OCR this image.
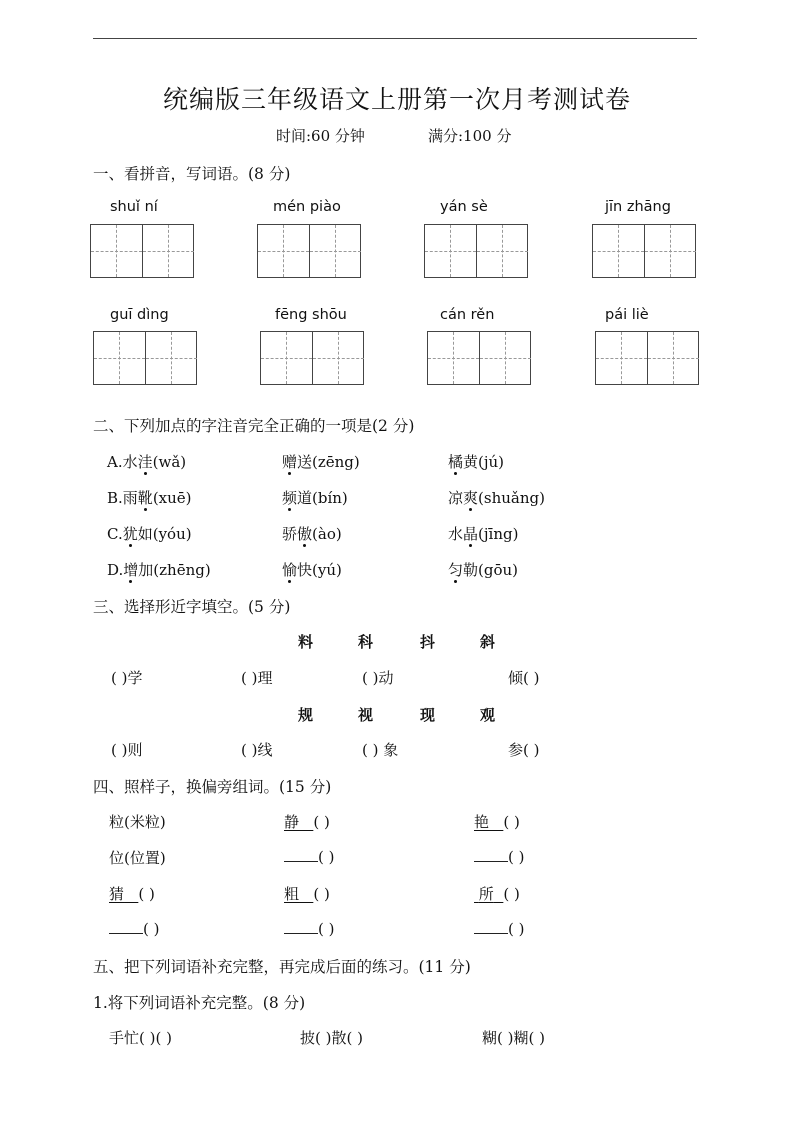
统编版三年级语文上册第一次月考测试卷
时间:60 分钟	满分:100 分
一、看拼音，写词语。(8 分)
shuǐ ní	mén piào	yán sè	jīn zhāng
guī dìng	fēng shōu	cán rěn	pái liè
二、下列加点的字注音完全正确的一项是(2 分)
A.水洼(wǎ)	赠送(zēng)	橘黄(jú)
B.雨靴(xuē)	频道(bín)	凉爽(shuǎng)
C.犹如(yóu)	骄傲(ào)	水晶(jīng)
D.增加(zhēng)	愉快(yú)	匀勒(gōu)
三、选择形近字填空。(5 分)
料	科	抖	斜
( )学	( )理	( )动	倾( )
规	视	现	观
( )则	( )线	( ) 象	参( )
四、照样子，换偏旁组词。(15 分)
粒(米粒)	静 ( )	艳 ( )
位(位置)	( )	( )
猜 ( )	粗 ( )	所 ( )
( )	( )	( )
五、把下列词语补充完整，再完成后面的练习。(11 分)
1.将下列词语补充完整。(8 分)
手忙( )( )	披( )散( )	糊( )糊( )
